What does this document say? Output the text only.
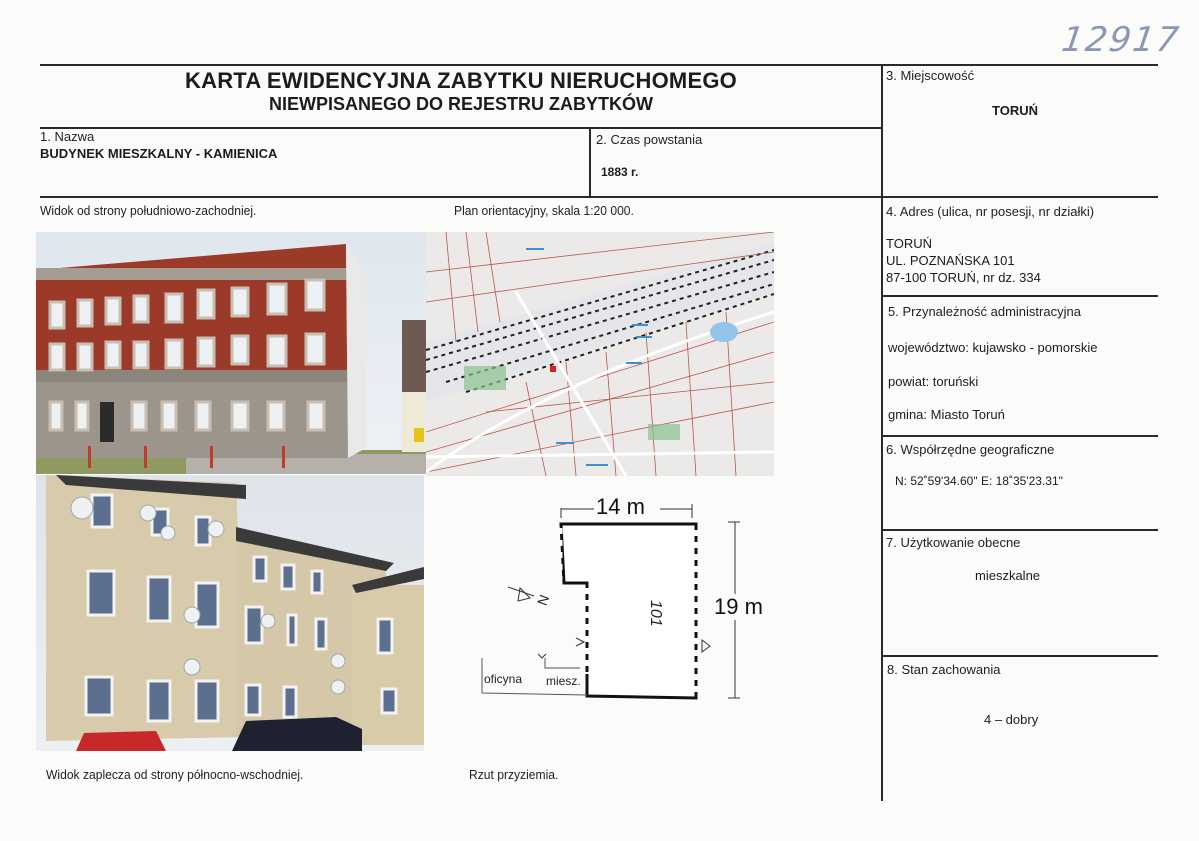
12917
KARTA EWIDENCYJNA ZABYTKU NIERUCHOMEGO
NIEWPISANEGO DO REJESTRU ZABYTKÓW
1. Nazwa
BUDYNEK MIESZKALNY - KAMIENICA
2. Czas powstania
1883 r.
3. Miejscowość
TORUŃ
4. Adres (ulica, nr posesji, nr działki)
TORUŃ
UL. POZNAŃSKA 101
87-100 TORUŃ, nr dz. 334
5. Przynależność administracyjna
województwo: kujawsko - pomorskie
powiat: toruński
gmina: Miasto Toruń
6. Współrzędne geograficzne
N: 52˚59'34.60" E: 18˚35'23.31"
7. Użytkowanie obecne
mieszkalne
8. Stan zachowania
4 – dobry
Widok od strony południowo-zachodniej.	Plan orientacyjny, skala 1:20 000.
Widok zaplecza od strony północno-wschodniej.	Rzut przyziemia.
14 m
19 m
101
N
oficyna miesz.
